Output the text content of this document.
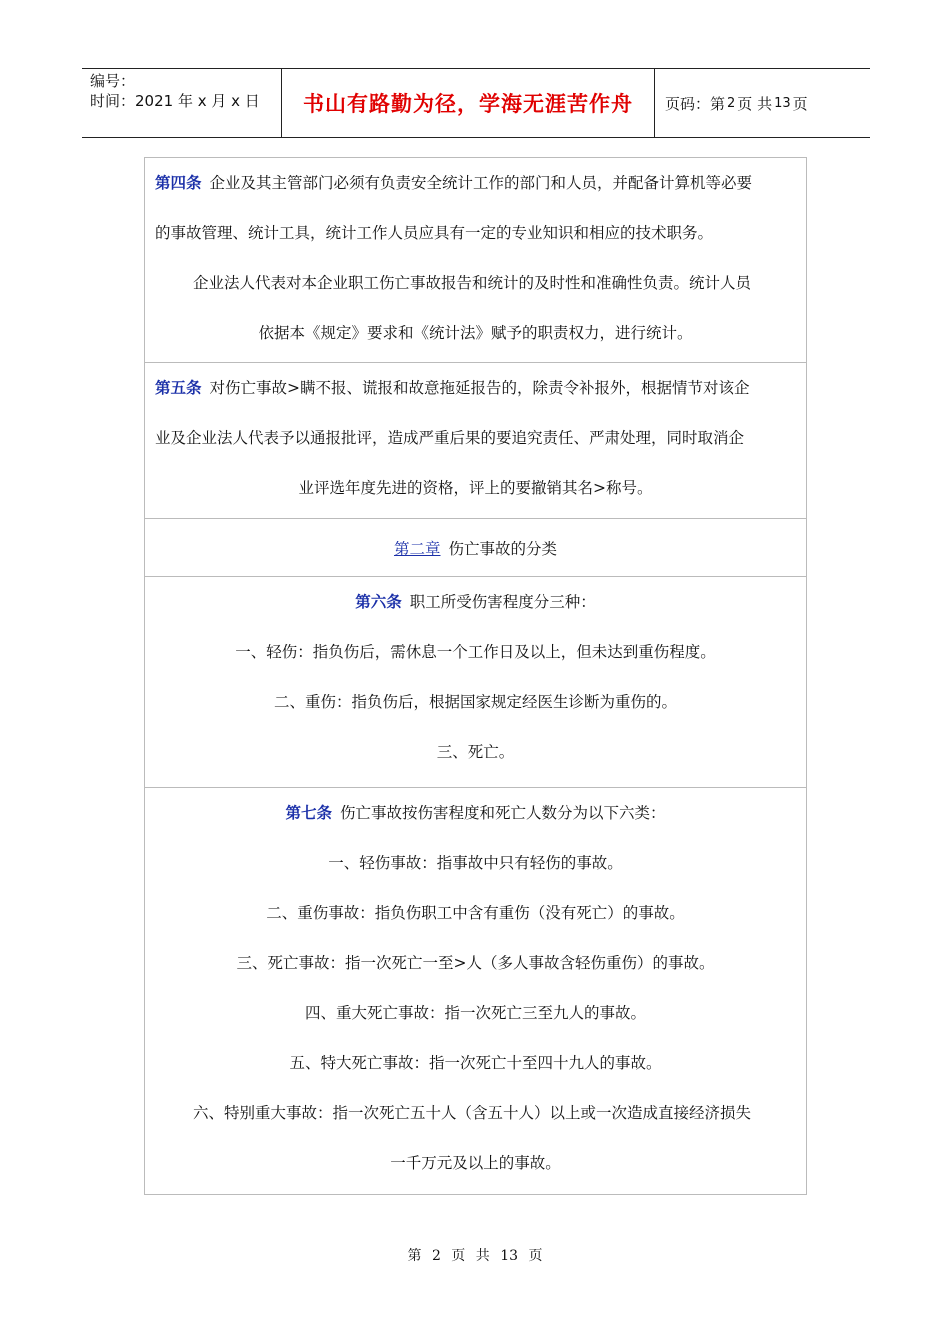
编号：
时间：2021 年 x 月 x 日	书山有路勤为径，学海无涯苦作舟	页码：第 2 页 共 13 页

第四条 企业及其主管部门必须有负责安全统计工作的部门和人员，并配备计算机等必要

的事故管理、统计工具，统计工作人员应具有一定的专业知识和相应的技术职务。

企业法人代表对本企业职工伤亡事故报告和统计的及时性和准确性负责。统计人员

依据本《规定》要求和《统计法》赋予的职责权力，进行统计。

第五条 对伤亡事故>瞒不报、谎报和故意拖延报告的，除责令补报外，根据情节对该企

业及企业法人代表予以通报批评，造成严重后果的要追究责任、严肃处理，同时取消企

业评选年度先进的资格，评上的要撤销其名>称号。

第二章 伤亡事故的分类

第六条 职工所受伤害程度分三种：

一、轻伤：指负伤后，需休息一个工作日及以上，但未达到重伤程度。

二、重伤：指负伤后，根据国家规定经医生诊断为重伤的。

三、死亡。

第七条 伤亡事故按伤害程度和死亡人数分为以下六类：

一、轻伤事故：指事故中只有轻伤的事故。

二、重伤事故：指负伤职工中含有重伤（没有死亡）的事故。

三、死亡事故：指一次死亡一至>人（多人事故含轻伤重伤）的事故。

四、重大死亡事故：指一次死亡三至九人的事故。

五、特大死亡事故：指一次死亡十至四十九人的事故。

六、特别重大事故：指一次死亡五十人（含五十人）以上或一次造成直接经济损失

一千万元及以上的事故。

第 2 页 共 13 页
